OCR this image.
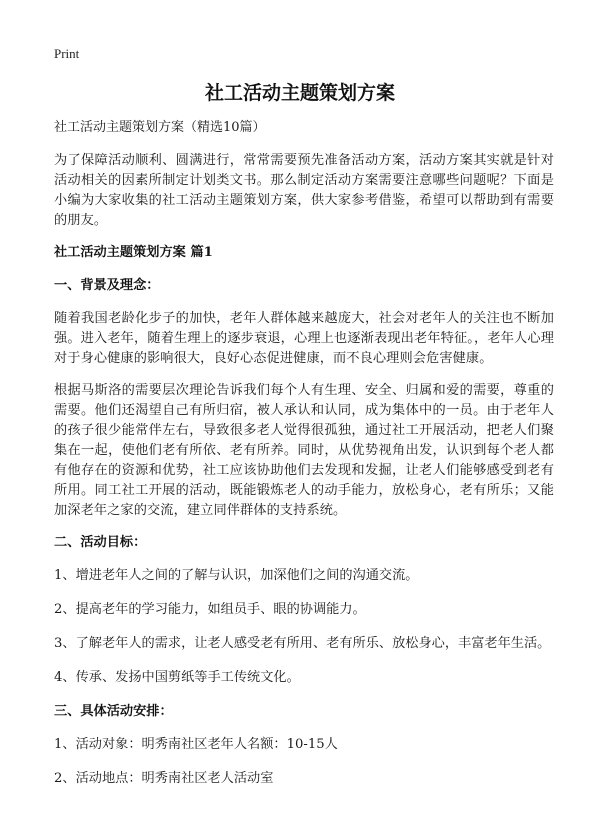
Print
社工活动主题策划方案
社工活动主题策划方案（精选10篇）

为了保障活动顺利、圆满进行，常常需要预先准备活动方案，活动方案其实就是针对活动相关的因素所制定计划类文书。那么制定活动方案需要注意哪些问题呢？下面是小编为大家收集的社工活动主题策划方案，供大家参考借鉴，希望可以帮助到有需要的朋友。

社工活动主题策划方案 篇1
一、背景及理念：

随着我国老龄化步子的加快，老年人群体越来越庞大，社会对老年人的关注也不断加强。进入老年，随着生理上的逐步衰退，心理上也逐渐表现出老年特征。，老年人心理对于身心健康的影响很大，良好心态促进健康，而不良心理则会危害健康。

根据马斯洛的需要层次理论告诉我们每个人有生理、安全、归属和爱的需要，尊重的需要。他们还渴望自己有所归宿，被人承认和认同，成为集体中的一员。由于老年人的孩子很少能常伴左右，导致很多老人觉得很孤独，通过社工开展活动，把老人们聚集在一起，使他们老有所依、老有所养。同时，从优势视角出发，认识到每个老人都有他存在的资源和优势，社工应该协助他们去发现和发掘，让老人们能够感受到老有所用。同工社工开展的活动，既能锻炼老人的动手能力，放松身心，老有所乐；又能加深老年之家的交流，建立同伴群体的支持系统。

二、活动目标：
1、增进老年人之间的了解与认识，加深他们之间的沟通交流。
2、提高老年的学习能力，如组员手、眼的协调能力。
3、了解老年人的需求，让老人感受老有所用、老有所乐、放松身心，丰富老年生活。
4、传承、发扬中国剪纸等手工传统文化。
三、具体活动安排：
1、活动对象：明秀南社区老年人名额：10-15人
2、活动地点：明秀南社区老人活动室
